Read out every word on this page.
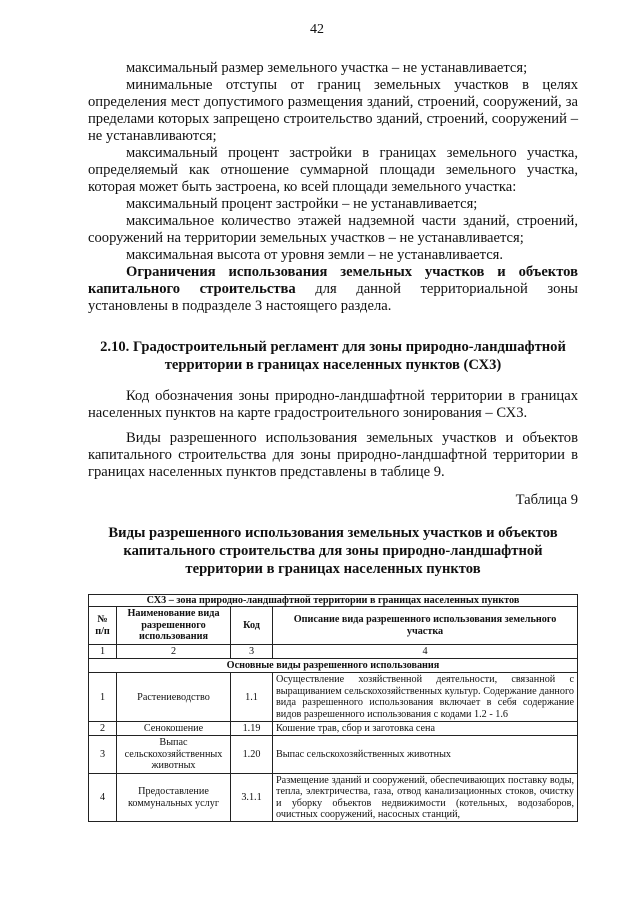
42

максимальный размер земельного участка – не устанавливается;

минимальные отступы от границ земельных участков в целях определения мест допустимого размещения зданий, строений, сооружений, за пределами которых запрещено строительство зданий, строений, сооружений – не устанавливаются;

максимальный процент застройки в границах земельного участка, определяемый как отношение суммарной площади земельного участка, которая может быть застроена, ко всей площади земельного участка:

максимальный процент застройки – не устанавливается;

максимальное количество этажей надземной части зданий, строений, сооружений на территории земельных участков – не устанавливается;

максимальная высота от уровня земли – не устанавливается.

Ограничения использования земельных участков и объектов капитального строительства для данной территориальной зоны установлены в подразделе 3 настоящего раздела.

2.10. Градостроительный регламент для зоны природно-ландшафтной территории в границах населенных пунктов (СХ3)

Код обозначения зоны природно-ландшафтной территории в границах населенных пунктов на карте градостроительного зонирования – СХ3.

Виды разрешенного использования земельных участков и объектов капитального строительства для зоны природно-ландшафтной территории в границах населенных пунктов представлены в таблице 9.

Таблица 9
Виды разрешенного использования земельных участков и объектов капитального строительства для зоны природно-ландшафтной территории в границах населенных пунктов
СХ3 – зона природно-ландшафтной территории в границах населенных пунктов			
№ п/п	Наименование вида разрешенного использования	Код	Описание вида разрешенного использования земельного участка
1	2	3	4
Основные виды разрешенного использования			
1	Растениеводство	1.1	Осуществление хозяйственной деятельности, связанной с выращиванием сельскохозяйственных культур. Содержание данного вида разрешенного использования включает в себя содержание видов разрешенного использования с кодами 1.2 - 1.6
2	Сенокошение	1.19	Кошение трав, сбор и заготовка сена
3	Выпас сельскохозяйственных животных	1.20	Выпас сельскохозяйственных животных
4	Предоставление коммунальных услуг	3.1.1	Размещение зданий и сооружений, обеспечивающих поставку воды, тепла, электричества, газа, отвод канализационных стоков, очистку и уборку объектов недвижимости (котельных, водозаборов, очистных сооружений, насосных станций,
